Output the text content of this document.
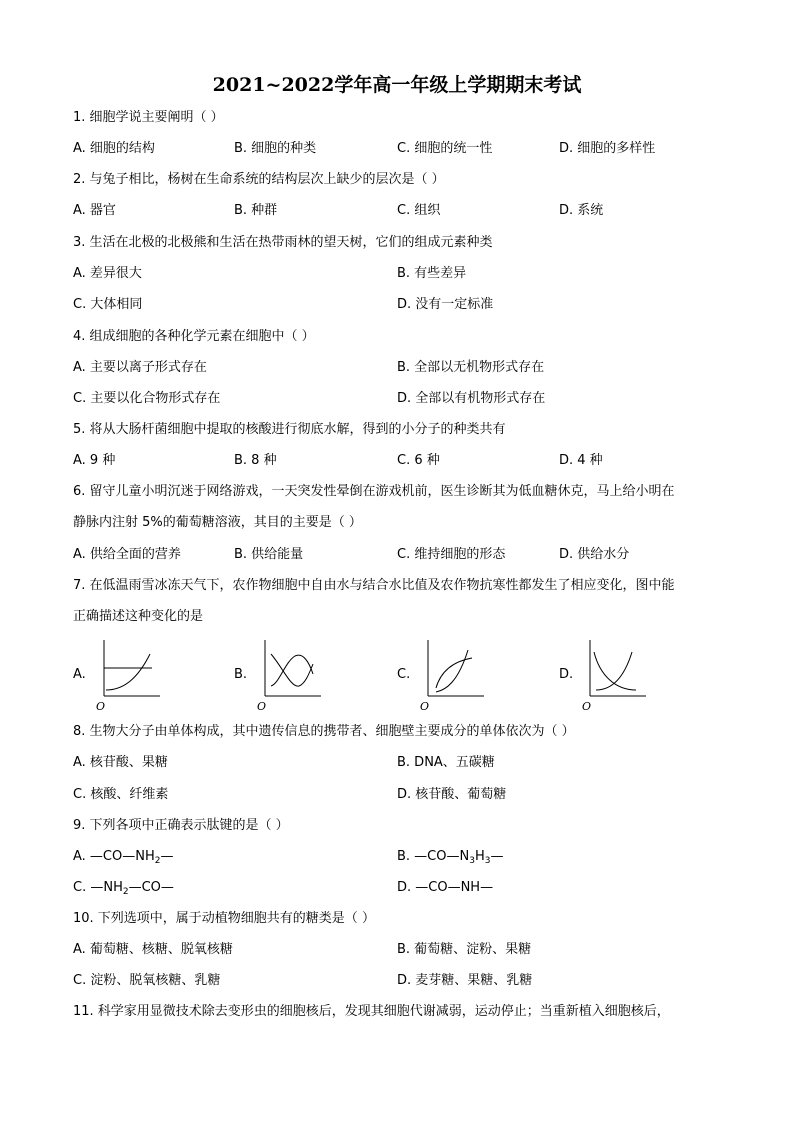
2021~2022学年高一年级上学期期末考试
1. 细胞学说主要阐明（ ）
A. 细胞的结构	B. 细胞的种类	C. 细胞的统一性	D. 细胞的多样性
2. 与兔子相比，杨树在生命系统的结构层次上缺少的层次是（ ）
A. 器官	B. 种群	C. 组织	D. 系统
3. 生活在北极的北极熊和生活在热带雨林的望天树，它们的组成元素种类
A. 差异很大	B. 有些差异
C. 大体相同	D. 没有一定标准
4. 组成细胞的各种化学元素在细胞中（ ）
A. 主要以离子形式存在	B. 全部以无机物形式存在
C. 主要以化合物形式存在	D. 全部以有机物形式存在
5. 将从大肠杆菌细胞中提取的核酸进行彻底水解，得到的小分子的种类共有
A. 9 种	B. 8 种	C. 6 种	D. 4 种
6. 留守儿童小明沉迷于网络游戏，一天突发性晕倒在游戏机前，医生诊断其为低血糖休克，马上给小明在
静脉内注射 5%的葡萄糖溶液，其目的主要是（ ）
A. 供给全面的营养	B. 供给能量	C. 维持细胞的形态	D. 供给水分
7. 在低温雨雪冰冻天气下，农作物细胞中自由水与结合水比值及农作物抗寒性都发生了相应变化，图中能
正确描述这种变化的是
A.
O
B.
O
C.
O
D.
O
8. 生物大分子由单体构成，其中遗传信息的携带者、细胞壁主要成分的单体依次为（ ）
A. 核苷酸、果糖	B. DNA、五碳糖
C. 核酸、纤维素	D. 核苷酸、葡萄糖
9. 下列各项中正确表示肽键的是（ ）
A. $—CO—NH_2—$	B. $—CO—N_3H_3—$
C. $—NH_2—CO—$	D. —CO—NH—
10. 下列选项中，属于动植物细胞共有的糖类是（ ）
A. 葡萄糖、核糖、脱氧核糖	B. 葡萄糖、淀粉、果糖
C. 淀粉、脱氧核糖、乳糖	D. 麦芽糖、果糖、乳糖
11. 科学家用显微技术除去变形虫的细胞核后，发现其细胞代谢减弱，运动停止；当重新植入细胞核后，
